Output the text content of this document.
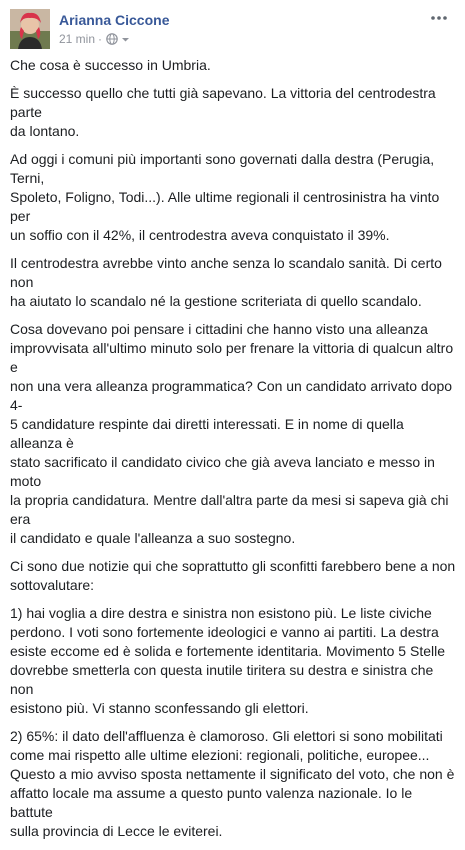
Arianna Ciccone
21 min ·

Che cosa è successo in Umbria.

È successo quello che tutti già sapevano. La vittoria del centrodestra parte
da lontano.

Ad oggi i comuni più importanti sono governati dalla destra (Perugia, Terni,
Spoleto, Foligno, Todi...). Alle ultime regionali il centrosinistra ha vinto per
un soffio con il 42%, il centrodestra aveva conquistato il 39%.

Il centrodestra avrebbe vinto anche senza lo scandalo sanità. Di certo non
ha aiutato lo scandalo né la gestione scriteriata di quello scandalo.

Cosa dovevano poi pensare i cittadini che hanno visto una alleanza
improvvisata all'ultimo minuto solo per frenare la vittoria di qualcun altro e
non una vera alleanza programmatica? Con un candidato arrivato dopo 4-
5 candidature respinte dai diretti interessati. E in nome di quella alleanza è
stato sacrificato il candidato civico che già aveva lanciato e messo in moto
la propria candidatura. Mentre dall'altra parte da mesi si sapeva già chi era
il candidato e quale l'alleanza a suo sostegno.

Ci sono due notizie qui che soprattutto gli sconfitti farebbero bene a non
sottovalutare:

1) hai voglia a dire destra e sinistra non esistono più. Le liste civiche
perdono. I voti sono fortemente ideologici e vanno ai partiti. La destra
esiste eccome ed è solida e fortemente identitaria. Movimento 5 Stelle
dovrebbe smetterla con questa inutile tiritera su destra e sinistra che non
esistono più. Vi stanno sconfessando gli elettori.

2) 65%: il dato dell'affluenza è clamoroso. Gli elettori si sono mobilitati
come mai rispetto alle ultime elezioni: regionali, politiche, europee...
Questo a mio avviso sposta nettamente il significato del voto, che non è
affatto locale ma assume a questo punto valenza nazionale. Io le battute
sulla provincia di Lecce le eviterei.
